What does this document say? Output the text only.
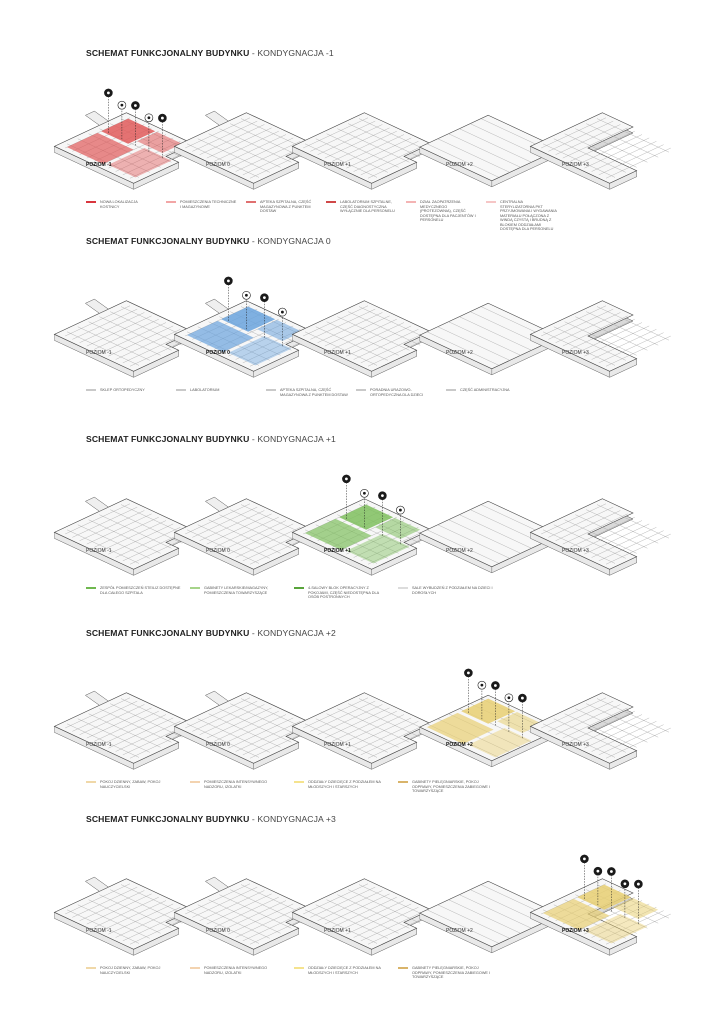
SCHEMAT FUNKCJONALNY BUDYNKU - KONDYGNACJA -1
POZIOM -1	POZIOM 0	POZIOM +1	POZIOM +2	POZIOM +3
NOWA LOKALIZACJA KOSTNICY
POMIESZCZENIA TECHNICZNE I MAGAZYNOWE
APTEKA SZPITALNA, CZĘŚĆ MAGAZYNOWA Z PUNKTEM DOSTAW
LABOLATORIUM SZPITALNE, CZĘŚĆ DIAGNOSTYCZNA WYŁĄCZNIE DLA PERSONELU
DZIAŁ ZAOPATRZENIA MEDYCZNEGO (PROTEZOWNIA), CZĘŚĆ DOSTĘPNA DLA PACJENTÓW I PERSONELU
CENTRALNA STERYLIZATORNIA PKT PRZYJMOWANIA I WYDAWANIA MATERIAŁU POŁĄCZONA Z WINDĄ CZYSTĄ I BRUDNĄ Z BLOKIEM ODDZIAŁAMI DOSTĘPNA DLA PERSONELU
SCHEMAT FUNKCJONALNY BUDYNKU - KONDYGNACJA 0
POZIOM -1	POZIOM 0	POZIOM +1	POZIOM +2	POZIOM +3
SKLEP ORTOPEDYCZNY	LABOLATORIUM	APTEKA SZPITALNA, CZĘŚĆ MAGAZYNOWA Z PUNKTEM DOSTAW
PORADNIA URAZOWO-ORTOPEDYCZNA DLA DZIECI
CZĘŚĆ ADMINISTRACYJNA
SCHEMAT FUNKCJONALNY BUDYNKU - KONDYGNACJA +1
POZIOM -1	POZIOM 0	POZIOM +1	POZIOM +2	POZIOM +3
ZESPÓŁ POMIESZCZEŃ STEILIZ DOSTĘPNE DLA CAŁEGO SZPITALA
GABINETY LEKARSKIE/MAGAZYNY, POMIESZCZENIA TOWARZYSZĄCE
4-SALOWY BLOK OPERACYJNY Z POKOJAMI, CZĘŚĆ NIEDOSTĘPNA DLA OSÓB POSTRONNYCH
SALE WYBUDZEŃ Z PODZIAŁEM NA DZIECI I DOROSŁYCH
SCHEMAT FUNKCJONALNY BUDYNKU - KONDYGNACJA +2
POZIOM -1	POZIOM 0	POZIOM +1	POZIOM +2	POZIOM +3
POKOJ DZIENNY, ZABAW, POKOJ NAUCZYCIELSKI
POMIESZCZENIA INTENSYWNEGO NADZORU, IZOLATKI
ODDZIAŁY DZIECIĘCE Z PODZIAŁEM NA MŁODSZYCH I STARSZYCH
GABINETY PIELĘGNIARSKIE, POKOJ ODPRAWY, POMIESZCZENIA ZABIEGOWE I TOWARZYSZĄCE
SCHEMAT FUNKCJONALNY BUDYNKU - KONDYGNACJA +3
POZIOM -1	POZIOM 0	POZIOM +1	POZIOM +2	POZIOM +3
POKOJ DZIENNY, ZABAW, POKOJ NAUCZYCIELSKI
POMIESZCZENIA INTENSYWNEGO NADZORU, IZOLATKI
ODDZIAŁY DZIECIĘCE Z PODZIAŁEM NA MŁODSZYCH I STARSZYCH
GABINETY PIELĘGNIARSKIE, POKOJ ODPRAWY, POMIESZCZENIA ZABIEGOWE I TOWARZYSZĄCE
